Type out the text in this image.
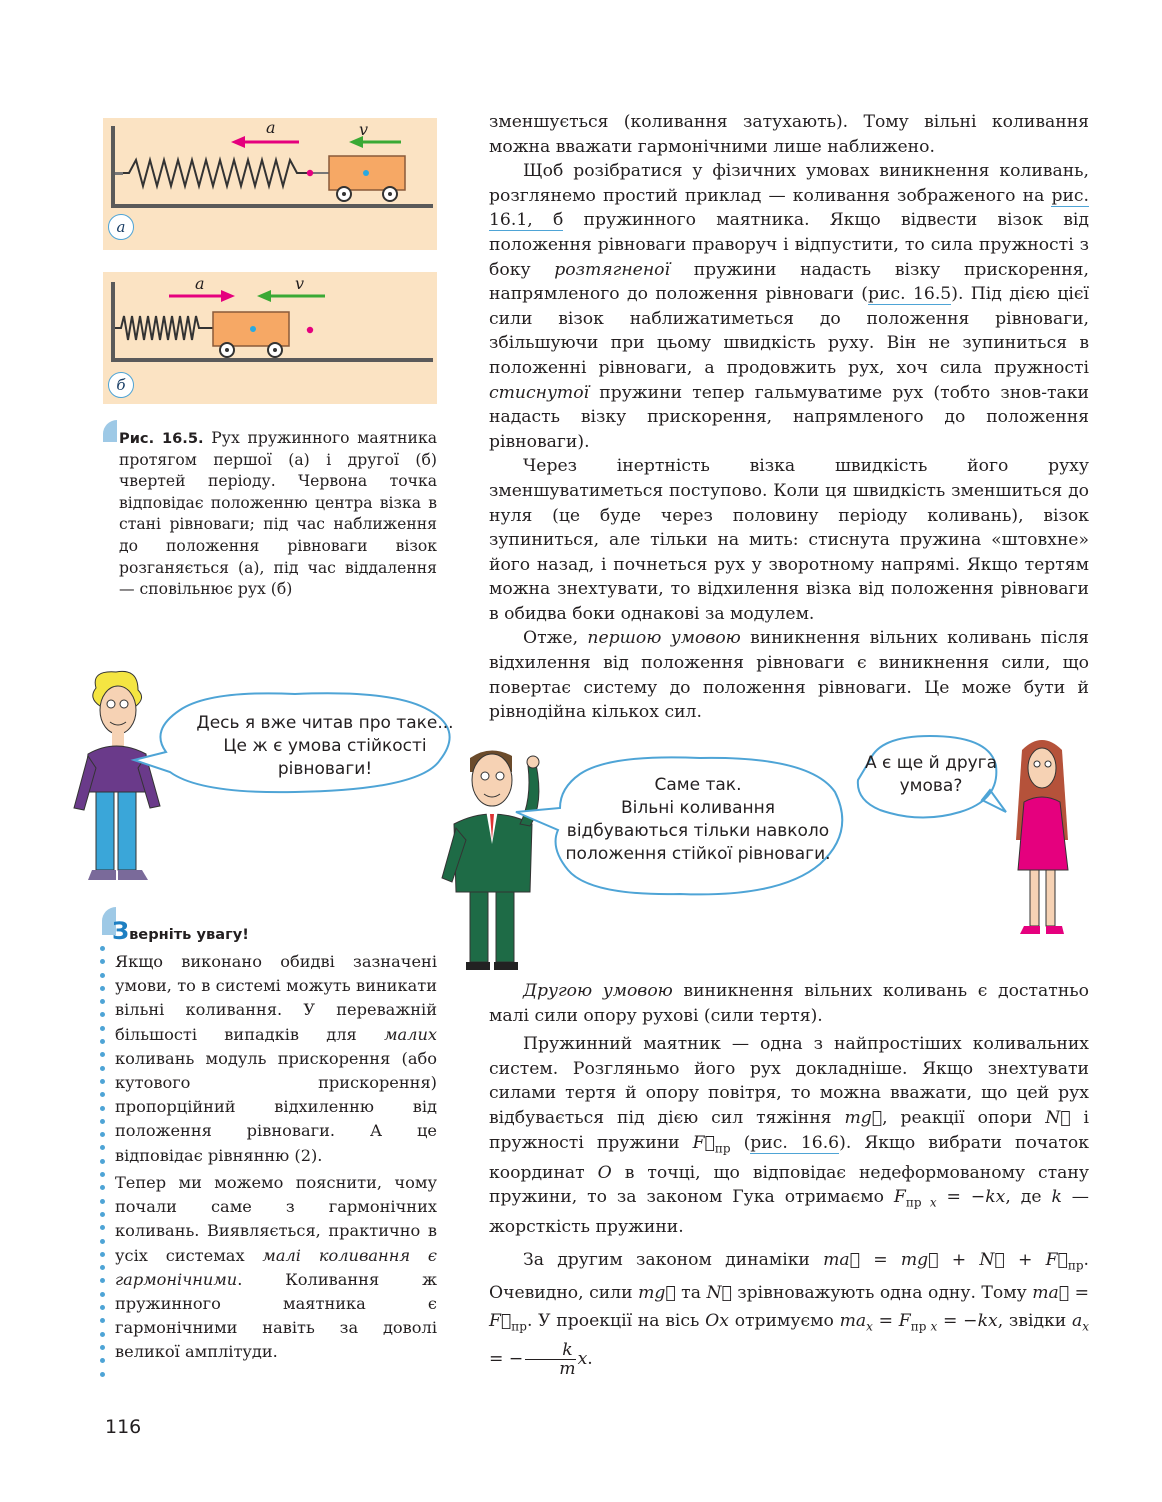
a	v
а
a	v
б

Рис. 16.5. Рух пружинного маятника протягом першої (а) і другої (б) чвертей періоду. Червона точка відповідає положенню центра візка в стані рівноваги; під час наближення до положення рівноваги візок розганяється (а), під час віддалення — сповільнює рух (б)

Десь я вже читав про таке...
Це ж є умова стійкості
рівноваги!
Саме так.
Вільні коливання
відбуваються тільки навколо
положення стійкої рівноваги.
А є ще й друга
умова?
Зверніть увагу!

Якщо виконано обидві зазначені умови, то в системі можуть виникати вільні коливання. У переважній більшості випадків для малих коливань модуль прискорення (або кутового прискорення) пропорційний відхиленню від положення рівноваги. А це відповідає рівнянню (2).

Тепер ми можемо пояснити, чому почали саме з гармонічних коливань. Виявляється, практично в усіх системах малі коливання є гармонічними. Коливання ж пружинного маятника є гармонічними навіть за доволі великої амплітуди.

зменшується (коливання затухають). Тому вільні коливання можна вважати гармонічними лише наближено.

Щоб розібратися у фізичних умовах виникнення коливань, розглянемо простий приклад — коливання зображеного на рис. 16.1, б пружинного маятника. Якщо відвести візок від положення рівноваги праворуч і відпустити, то сила пружності з боку розтягненої пружини надасть візку прискорення, напрямленого до положення рівноваги (рис. 16.5). Під дією цієї сили візок наближатиметься до положення рівноваги, збільшуючи при цьому швидкість руху. Він не зупиниться в положенні рівноваги, а продовжить рух, хоч сила пружності стиснутої пружини тепер гальмуватиме рух (тобто знов-таки надасть візку прискорення, напрямленого до положення рівноваги).

Через інертність візка швидкість його руху зменшуватиметься поступово. Коли ця швидкість зменшиться до нуля (це буде через половину періоду коливань), візок зупиниться, але тільки на мить: стиснута пружина «штовхне» його назад, і почнеться рух у зворотному напрямі. Якщо тертям можна знехтувати, то відхилення візка від положення рівноваги в обидва боки однакові за модулем.

Отже, першою умовою виникнення вільних коливань після відхилення від положення рівноваги є виникнення сили, що повертає систему до положення рівноваги. Це може бути й рівнодійна кількох сил.

Другою умовою виникнення вільних коливань є достатньо малі сили опору рухові (сили тертя).

Пружинний маятник — одна з найпростіших коливальних систем. Розгляньмо його рух докладніше. Якщо знехтувати силами тертя й опору повітря, то можна вважати, що цей рух відбувається під дією сил тяжіння mg⃗, реакції опори N⃗ і пружності пружини $F⃗_{пр}$ (рис. 16.6). Якщо вибрати початок координат O в точці, що відповідає недеформованому стану пружини, то за законом Гука отримаємо $F_{пр x} = -kx$, де k — жорсткість пружини.

За другим законом динаміки ma⃗ = mg⃗ + N⃗ + $F⃗_{пр}$. Очевидно, сили mg⃗ та N⃗ зрівноважують одна одну. Тому ma⃗ = $F⃗_{пр}$. У проекції на вісь Ox отримуємо $ma_x = F_{пр x} = -kx$, звідки $a_x$ = − $\frac{k}{m} x$.

116
